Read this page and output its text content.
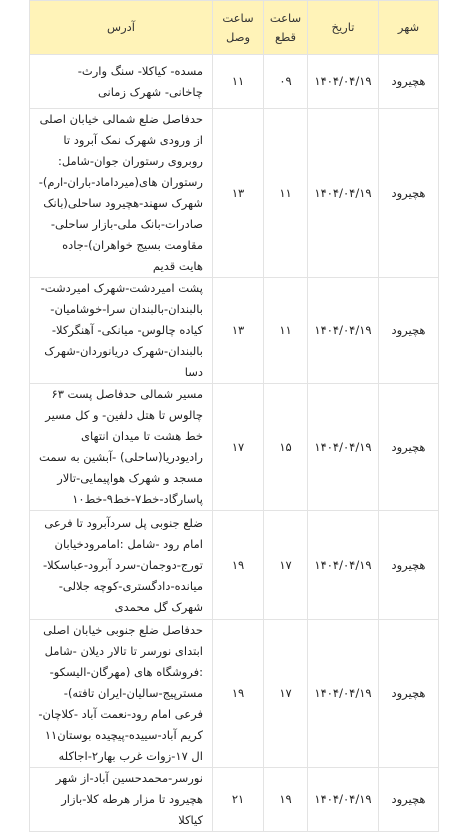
شهر	تاریخ	ساعت قطع	ساعت وصل	آدرس
هچیرود	۱۴۰۴/۰۴/۱۹	۰۹	۱۱	مسده- کیاکلا- سنگ وارث- چاخانی- شهرک زمانی
هچیرود	۱۴۰۴/۰۴/۱۹	۱۱	۱۳	حدفاصل ضلع شمالی خیابان اصلی از ورودی شهرک نمک آبرود تا روبروی رستوران جوان-شامل: رستوران های(میرداماد-باران-ارم)-شهرک سهند-هچیرود ساحلی(بانک صادرات-بانک ملی-بازار ساحلی-مقاومت بسیج خواهران)-جاده هایت قدیم
هچیرود	۱۴۰۴/۰۴/۱۹	۱۱	۱۳	پشت امیردشت-شهرک امیردشت-بالبندان-بالبندان سرا-خوشامیان-کیاده چالوس- میانکی- آهنگرکلا-بالبندان-شهرک دریانوردان-شهرک دسا
هچیرود	۱۴۰۴/۰۴/۱۹	۱۵	۱۷	مسیر شمالی حدفاصل پست ۶۳ چالوس تا هتل دلفین- و کل مسیر خط هشت تا میدان انتهای رادیودریا(ساحلی) -آبشین به سمت مسجد و شهرک هواپیمایی-تالار پاسارگاد-خط۷-خط۹-خط۱۰
هچیرود	۱۴۰۴/۰۴/۱۹	۱۷	۱۹	ضلع جنوبی پل سردآبرود تا فرعی امام رود -شامل :امامرودخیابان تورج-دوجمان-سرد آبرود-عباسکلا-میانده-دادگستری-کوچه جلالی-شهرک گل محمدی
هچیرود	۱۴۰۴/۰۴/۱۹	۱۷	۱۹	حدفاصل ضلع جنوبی خیابان اصلی ابتدای نورسر تا تالار دیلان -شامل :فروشگاه های (مهرگان-الیسکو-مسترپیج-سالیان-ایران تافته)- فرعی امام رود-نعمت آباد -کلاچان-کریم آباد-سییده-پیچیده بوستان۱۱ ال ۱۷-زوات غرب بهار۲-اجاکله
هچیرود	۱۴۰۴/۰۴/۱۹	۱۹	۲۱	نورسر-محمدحسین آباد-از شهر هچیرود تا مزار هرطه کلا-بازار کیاکلا
